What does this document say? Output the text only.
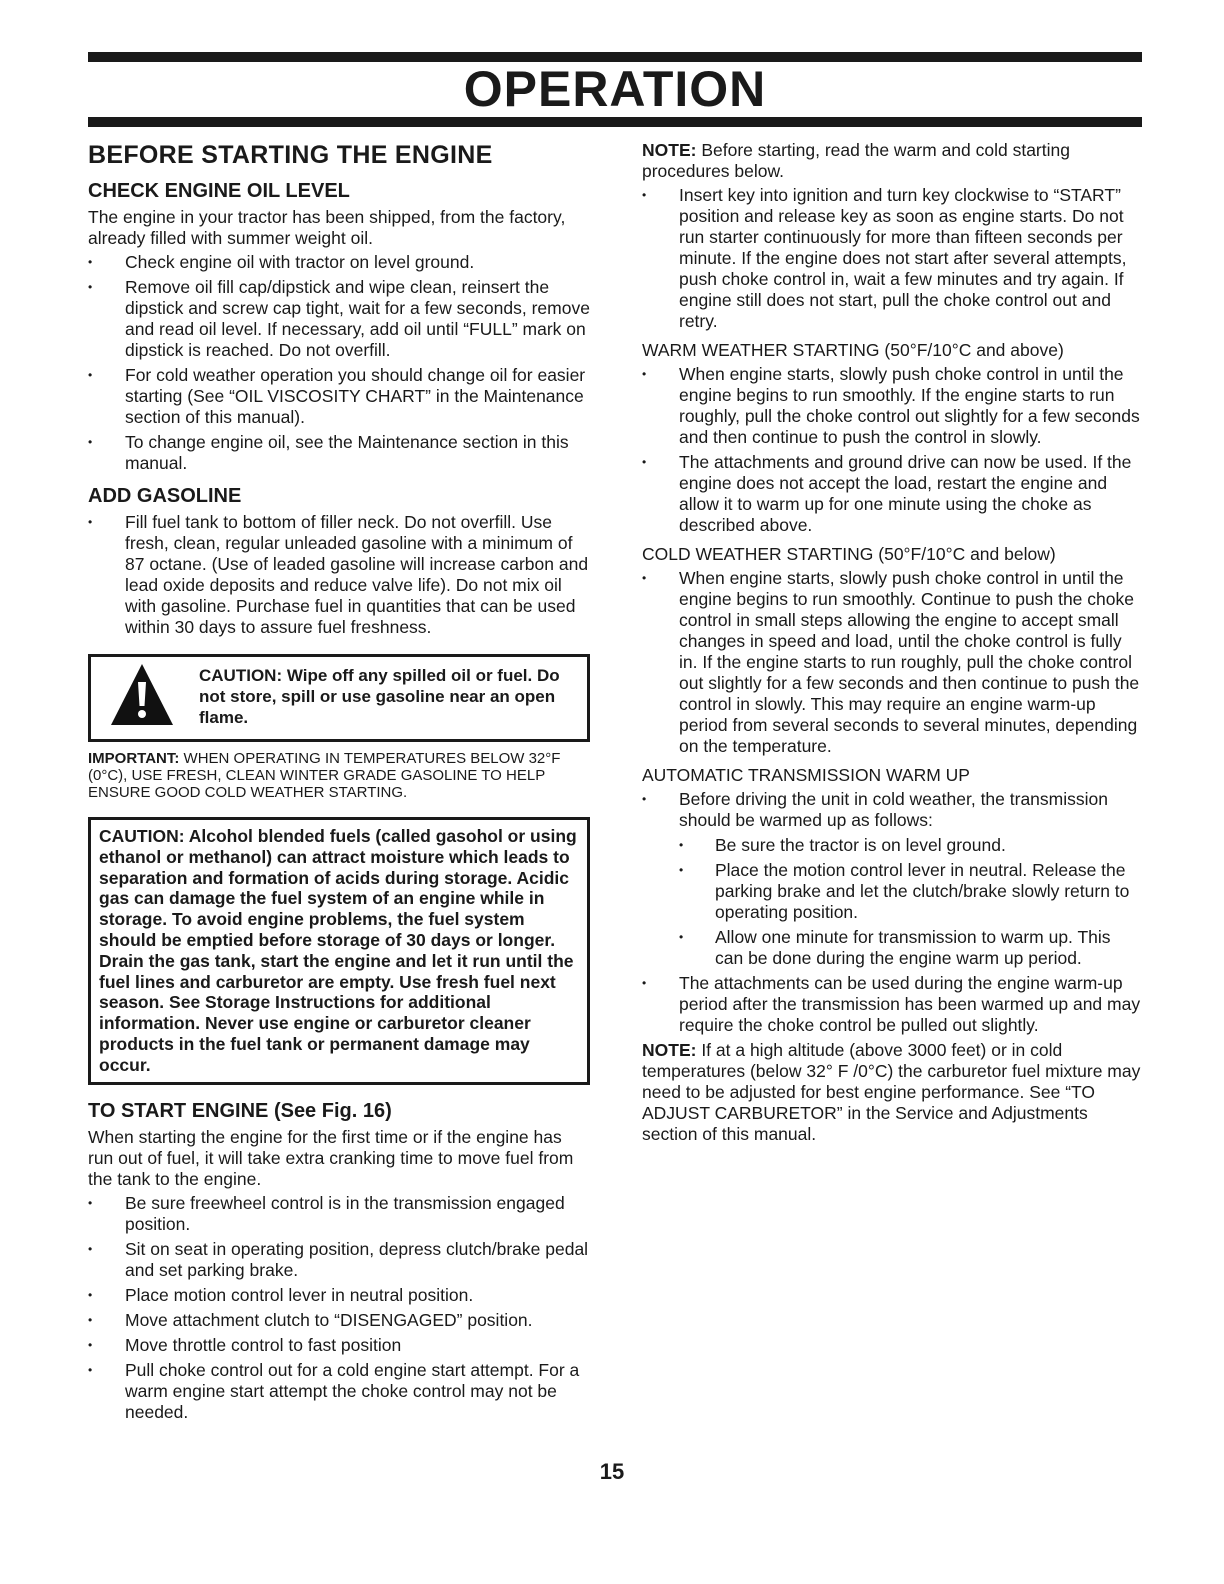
OPERATION
BEFORE STARTING THE ENGINE
CHECK ENGINE OIL LEVEL

The engine in your tractor has been shipped, from the factory, already filled with summer weight oil.

• Check engine oil with tractor on level ground.
• Remove oil fill cap/dipstick and wipe clean, reinsert the dipstick and screw cap tight, wait for a few seconds, remove and read oil level. If necessary, add oil until “FULL” mark on dipstick is reached. Do not overfill.
• For cold weather operation you should change oil for easier starting (See “OIL VISCOSITY CHART” in the Maintenance section of this manual).
• To change engine oil, see the Maintenance section in this manual.
ADD GASOLINE
• Fill fuel tank to bottom of filler neck. Do not overfill. Use fresh, clean, regular unleaded gasoline with a minimum of 87 octane. (Use of leaded gasoline will increase carbon and lead oxide deposits and reduce valve life). Do not mix oil with gasoline. Purchase fuel in quantities that can be used within 30 days to assure fuel freshness.
CAUTION: Wipe off any spilled oil or fuel. Do not store, spill or use gasoline near an open flame.

IMPORTANT: WHEN OPERATING IN TEMPERATURES BELOW 32°F (0°C), USE FRESH, CLEAN WINTER GRADE GASOLINE TO HELP ENSURE GOOD COLD WEATHER STARTING.

CAUTION: Alcohol blended fuels (called gasohol or using ethanol or methanol) can attract moisture which leads to separation and formation of acids during storage. Acidic gas can damage the fuel system of an engine while in storage. To avoid engine problems, the fuel system should be emptied before storage of 30 days or longer. Drain the gas tank, start the engine and let it run until the fuel lines and carburetor are empty. Use fresh fuel next season. See Storage Instructions for additional information. Never use engine or carburetor cleaner products in the fuel tank or permanent damage may occur.
TO START ENGINE (See Fig. 16)

When starting the engine for the first time or if the engine has run out of fuel, it will take extra cranking time to move fuel from the tank to the engine.

• Be sure freewheel control is in the transmission engaged position.
• Sit on seat in operating position, depress clutch/brake pedal and set parking brake.
• Place motion control lever in neutral position.
• Move attachment clutch to “DISENGAGED” position.
• Move throttle control to fast position
• Pull choke control out for a cold engine start attempt. For a warm engine start attempt the choke control may not be needed.

NOTE: Before starting, read the warm and cold starting procedures below.

• Insert key into ignition and turn key clockwise to “START” position and release key as soon as engine starts. Do not run starter continuously for more than fifteen seconds per minute. If the engine does not start after several attempts, push choke control in, wait a few minutes and try again. If engine still does not start, pull the choke control out and retry.

WARM WEATHER STARTING (50°F/10°C and above)

• When engine starts, slowly push choke control in until the engine begins to run smoothly. If the engine starts to run roughly, pull the choke control out slightly for a few seconds and then continue to push the control in slowly.
• The attachments and ground drive can now be used. If the engine does not accept the load, restart the engine and allow it to warm up for one minute using the choke as described above.

COLD WEATHER STARTING (50°F/10°C and below)

• When engine starts, slowly push choke control in until the engine begins to run smoothly. Continue to push the choke control in small steps allowing the engine to accept small changes in speed and load, until the choke control is fully in. If the engine starts to run roughly, pull the choke control out slightly for a few seconds and then continue to push the control in slowly. This may require an engine warm-up period from several seconds to several minutes, depending on the temperature.

AUTOMATIC TRANSMISSION WARM UP

• Before driving the unit in cold weather, the transmission should be warmed up as follows:
• Be sure the tractor is on level ground.
• Place the motion control lever in neutral. Release the parking brake and let the clutch/brake slowly return to operating position.
• Allow one minute for transmission to warm up. This can be done during the engine warm up period.
• The attachments can be used during the engine warm-up period after the transmission has been warmed up and may require the choke control be pulled out slightly.

NOTE: If at a high altitude (above 3000 feet) or in cold temperatures (below 32° F /0°C) the carburetor fuel mixture may need to be adjusted for best engine performance. See “TO ADJUST CARBURETOR” in the Service and Adjustments section of this manual.

15
